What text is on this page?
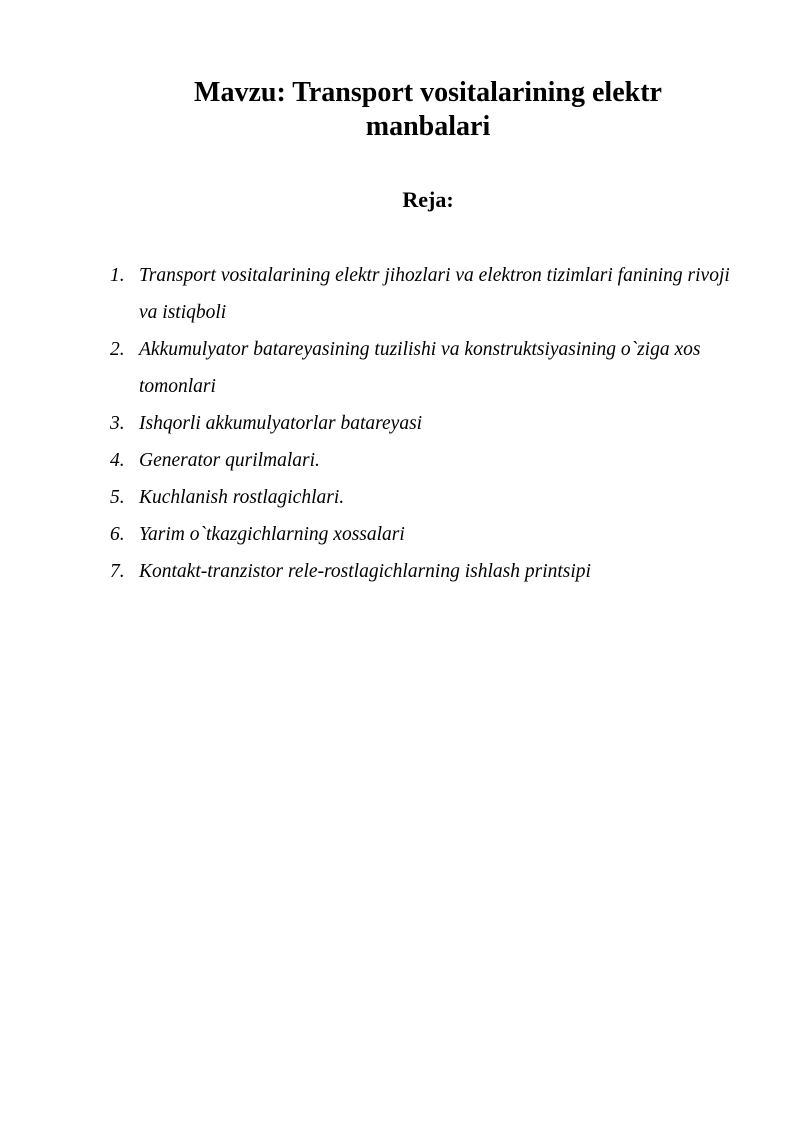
Mavzu: Transport vositalarining elektr manbalari
Reja:
1. Transport vositalarining elektr jihozlari va elektron tizimlari fanining rivoji va istiqboli
2. Akkumulyator batareyasining tuzilishi va konstruktsiyasining o`ziga xos tomonlari
3. Ishqorli akkumulyatorlar batareyasi
4. Generator qurilmalari.
5. Kuchlanish rostlagichlari.
6. Yarim o`tkazgichlarning xossalari
7. Kontakt-tranzistor rele-rostlagichlarning ishlash printsipi
